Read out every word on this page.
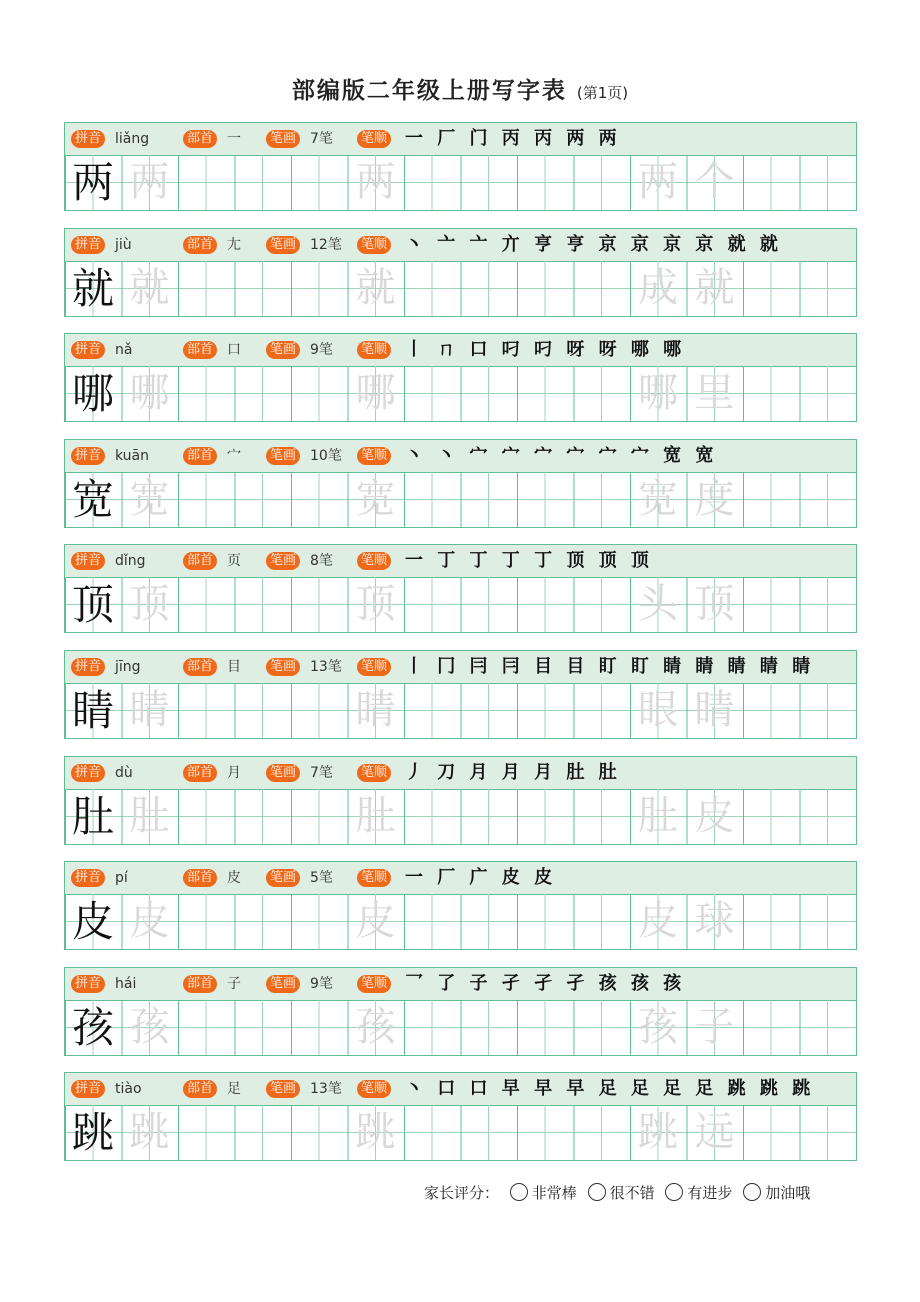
部编版二年级上册写字表 (第1页)
拼音 liǎng	部首 一	笔画 7笔	笔顺 一 厂 门 丙 丙 两 两
两 两	两	两 个
拼音 jiù	部首 尢	笔画 12笔	笔顺 丶 亠 亠 亣 亨 亨 京 京 京 京 就 就
就 就	就	成 就
拼音 nǎ	部首 口	笔画 9笔	笔顺 丨 ㄇ 口 叼 叼 呀 呀 哪 哪
哪 哪	哪	哪 里
拼音 kuān	部首 宀	笔画 10笔	笔顺 丶 丶 宀 宀 宀 宀 宀 宀 宽 宽
宽 宽	宽	宽 度
拼音 dǐng	部首 页	笔画 8笔	笔顺 一 丁 丁 丁 丁 顶 顶 顶
顶 顶	顶	头 顶
拼音 jīng	部首 目	笔画 13笔	笔顺 丨 冂 冃 冃 目 目 盯 盯 睛 睛 睛 睛 睛
睛 睛	睛	眼 睛
拼音 dù	部首 月	笔画 7笔	笔顺 丿 刀 月 月 月 肚 肚
肚 肚	肚	肚 皮
拼音 pí	部首 皮	笔画 5笔	笔顺 一 厂 广 皮 皮
皮 皮	皮	皮 球
拼音 hái	部首 子	笔画 9笔	笔顺 乛 了 子 孑 孑 孑 孩 孩 孩
孩 孩	孩	孩 子
拼音 tiào	部首 足	笔画 13笔	笔顺 丶 口 口 早 早 早 足 足 足 足 跳 跳 跳
跳 跳	跳	跳 远
家长评分： 非常棒 很不错 有进步 加油哦
